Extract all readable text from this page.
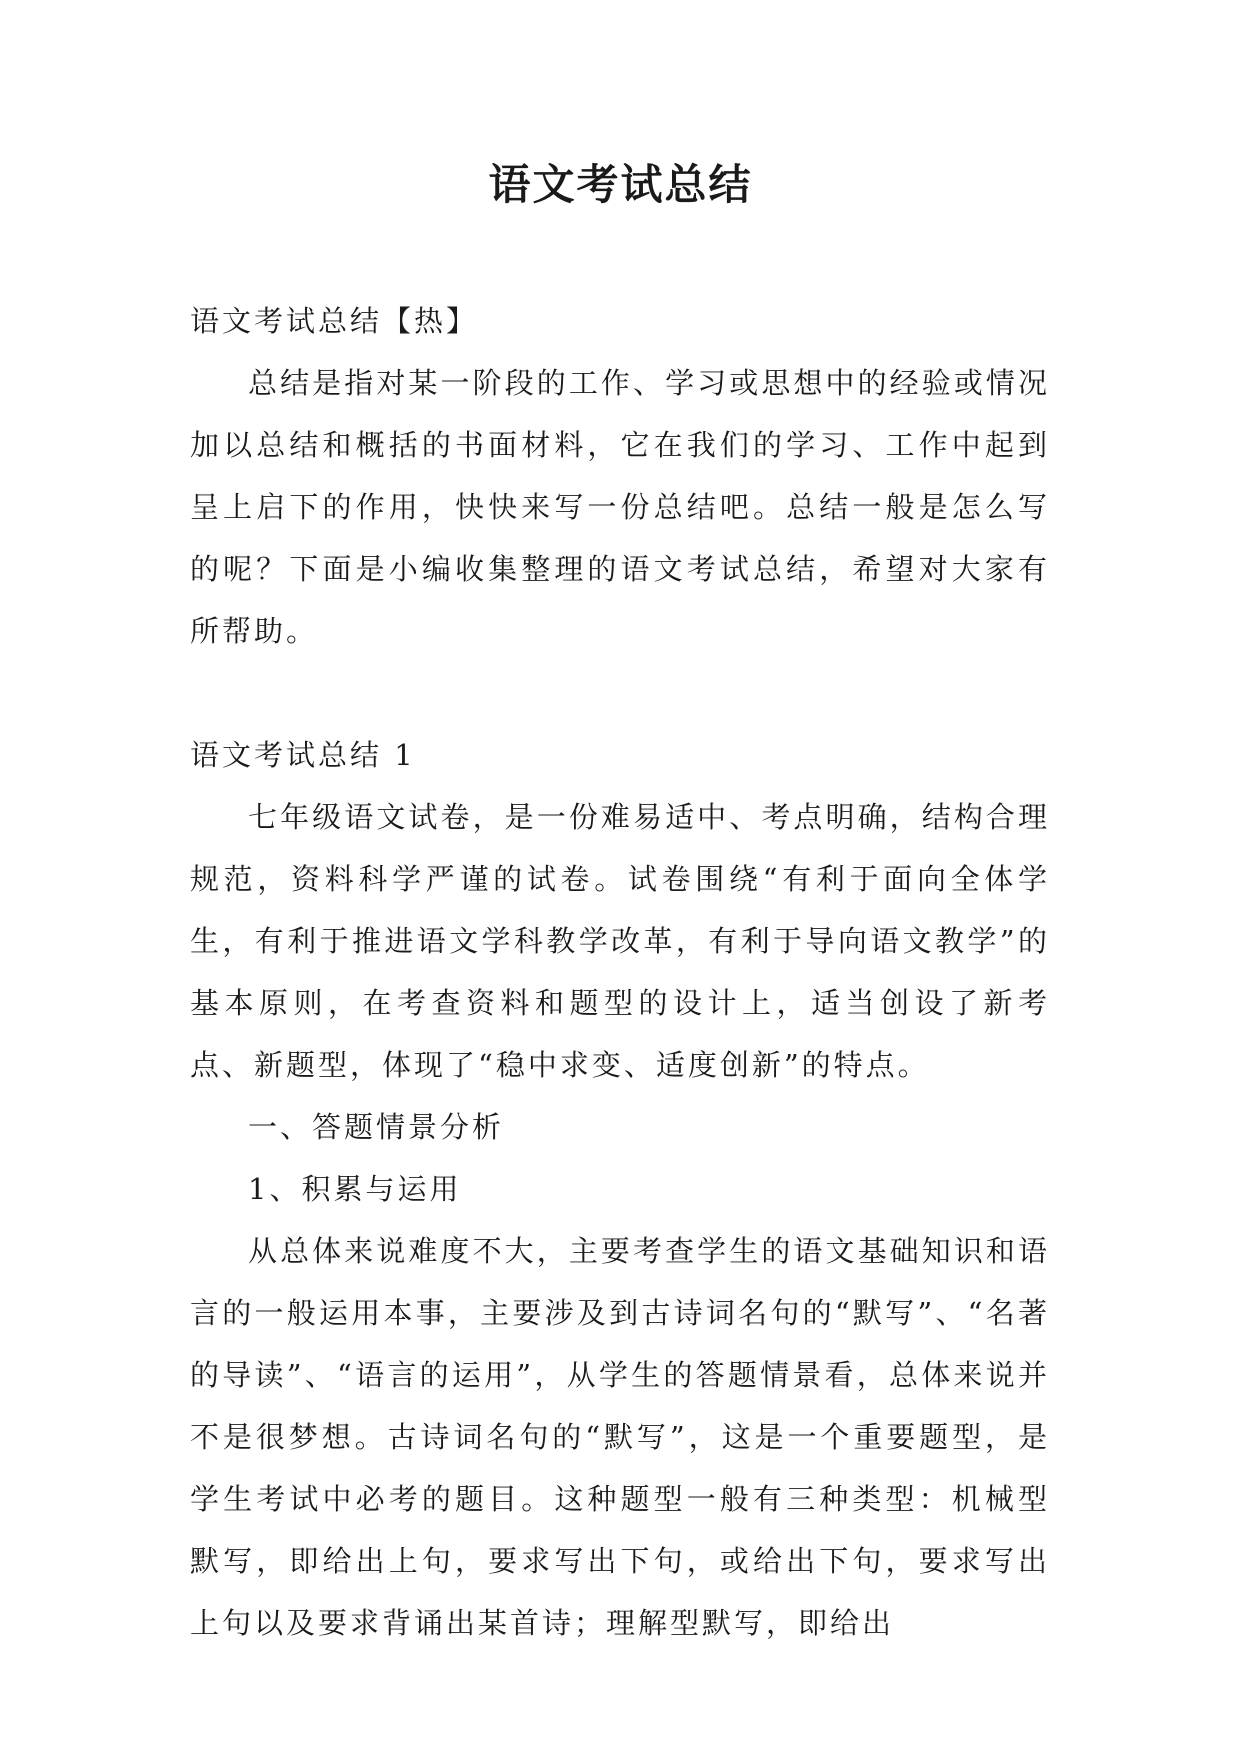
语文考试总结

语文考试总结【热】

总结是指对某一阶段的工作、学习或思想中的经验或情况加以总结和概括的书面材料，它在我们的学习、工作中起到呈上启下的作用，快快来写一份总结吧。总结一般是怎么写的呢？下面是小编收集整理的语文考试总结，希望对大家有所帮助。

语文考试总结 1

七年级语文试卷，是一份难易适中、考点明确，结构合理规范，资料科学严谨的试卷。试卷围绕“有利于面向全体学生，有利于推进语文学科教学改革，有利于导向语文教学”的基本原则，在考查资料和题型的设计上，适当创设了新考点、新题型，体现了“稳中求变、适度创新”的特点。

一、答题情景分析

1、积累与运用

从总体来说难度不大，主要考查学生的语文基础知识和语言的一般运用本事，主要涉及到古诗词名句的“默写”、“名著的导读”、“语言的运用”，从学生的答题情景看，总体来说并不是很梦想。古诗词名句的“默写”，这是一个重要题型，是学生考试中必考的题目。这种题型一般有三种类型：机械型默写，即给出上句，要求写出下句，或给出下句，要求写出上句以及要求背诵出某首诗；理解型默写，即给出
